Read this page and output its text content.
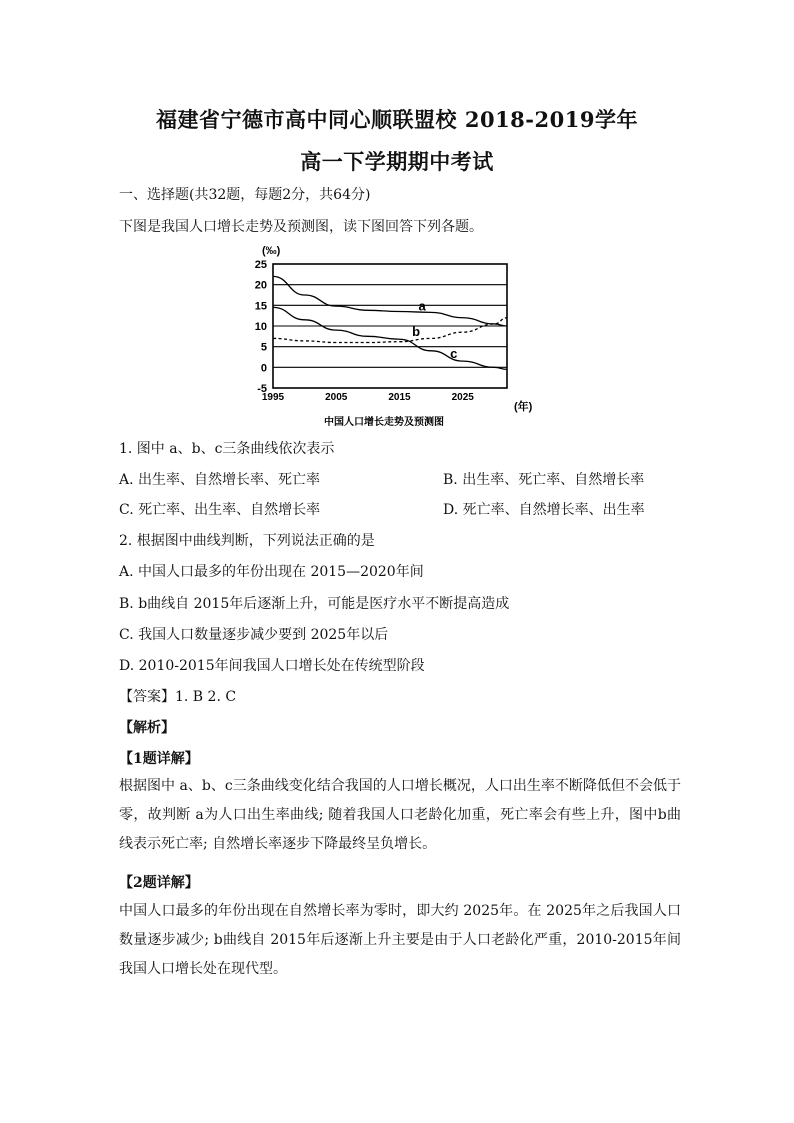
福建省宁德市高中同心顺联盟校 2018-2019学年
高一下学期期中考试
一、选择题(共32题，每题2分，共64分)
下图是我国人口增长走势及预测图，读下图回答下列各题。
25
20
15
10
5
0
-5
1995	2005	2015	2025
a
b
c
(‰)
(年)
中国人口增长走势及预测图
1. 图中 a、b、c三条曲线依次表示
A. 出生率、自然增长率、死亡率	B. 出生率、死亡率、自然增长率
C. 死亡率、出生率、自然增长率	D. 死亡率、自然增长率、出生率
2. 根据图中曲线判断，下列说法正确的是
A. 中国人口最多的年份出现在 2015—2020年间
B. b曲线自 2015年后逐渐上升，可能是医疗水平不断提高造成
C. 我国人口数量逐步减少要到 2025年以后
D. 2010-2015年间我国人口增长处在传统型阶段
【答案】1. B 2. C
【解析】
【1题详解】
根据图中 a、b、c三条曲线变化结合我国的人口增长概况，人口出生率不断降低但不会低于零，故判断 a为人口出生率曲线; 随着我国人口老龄化加重，死亡率会有些上升，图中b曲线表示死亡率; 自然增长率逐步下降最终呈负增长。
【2题详解】
中国人口最多的年份出现在自然增长率为零时，即大约 2025年。在 2025年之后我国人口数量逐步减少; b曲线自 2015年后逐渐上升主要是由于人口老龄化严重，2010-2015年间我国人口增长处在现代型。
